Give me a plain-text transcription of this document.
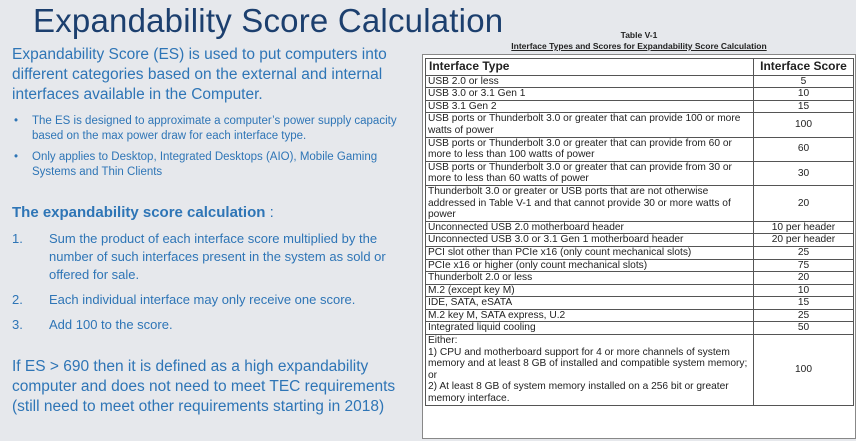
Expandability Score Calculation

Expandability Score (ES) is used to put computers into different categories based on the external and internal interfaces available in the Computer.

• The ES is designed to approximate a computer’s power supply capacity based on the max power draw for each interface type.
• Only applies to Desktop, Integrated Desktops (AIO), Mobile Gaming Systems and Thin Clients
The expandability score calculation :
1. Sum the product of each interface score multiplied by the number of such interfaces present in the system as sold or offered for sale.
2. Each individual interface may only receive one score.
3. Add 100 to the score.
If ES > 690 then it is defined as a high expandability computer and does not need to meet TEC requirements (still need to meet other requirements starting in 2018)
Table V-1
Interface Types and Scores for Expandability Score Calculation
Interface Type	Interface Score

USB 2.0 or less	5

USB 3.0 or 3.1 Gen 1	10

USB 3.1 Gen 2	15

USB ports or Thunderbolt 3.0 or greater that can provide 100 or more watts of power	100

USB ports or Thunderbolt 3.0 or greater that can provide from 60 or more to less than 100 watts of power	60

USB ports or Thunderbolt 3.0 or greater that can provide from 30 or more to less than 60 watts of power	30

Thunderbolt 3.0 or greater or USB ports that are not otherwise addressed in Table V-1 and that cannot provide 30 or more watts of power	20

Unconnected USB 2.0 motherboard header	10 per header

Unconnected USB 3.0 or 3.1 Gen 1 motherboard header	20 per header

PCI slot other than PCIe x16 (only count mechanical slots)	25

PCIe x16 or higher (only count mechanical slots)	75

Thunderbolt 2.0 or less	20

M.2 (except key M)	10

IDE, SATA, eSATA	15

M.2 key M, SATA express, U.2	25

Integrated liquid cooling	50

Either:
1) CPU and motherboard support for 4 or more channels of system memory and at least 8 GB of installed and compatible system memory; or
2) At least 8 GB of system memory installed on a 256 bit or greater memory interface.	100
